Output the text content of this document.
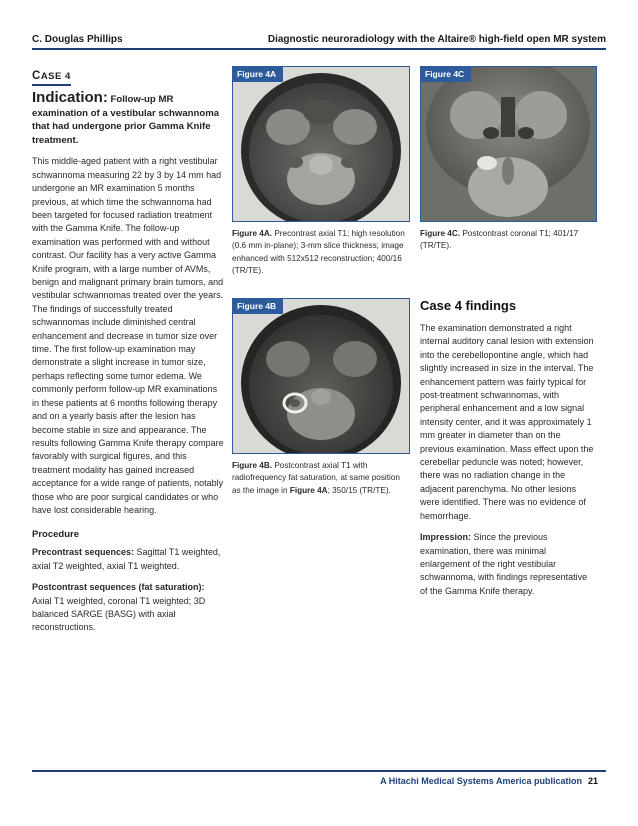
C. Douglas Phillips	Diagnostic neuroradiology with the Altaire® high-field open MR system
CASE 4
Indication: Follow-up MR examination of a vestibular schwannoma that had undergone prior Gamma Knife treatment.

This middle-aged patient with a right vestibular schwannoma measuring 22 by 3 by 14 mm had undergone an MR examination 5 months previous, at which time the schwannoma had been targeted for focused radiation treatment with the Gamma Knife. The follow-up examination was performed with and without contrast. Our facility has a very active Gamma Knife program, with a large number of AVMs, benign and malignant primary brain tumors, and vestibular schwannomas treated over the years. The findings of successfully treated schwannomas include diminished central enhancement and decrease in tumor size over time. The first follow-up examination may demonstrate a slight increase in tumor size, perhaps reflecting some tumor edema. We commonly perform follow-up MR examinations in these patients at 6 months following therapy and on a yearly basis after the lesion has become stable in size and appearance. The results following Gamma Knife therapy compare favorably with surgical figures, and this treatment modality has gained increased acceptance for a wide range of patients, notably those who are poor surgical candidates or who have lost considerable hearing.

Procedure

Precontrast sequences: Sagittal T1 weighted, axial T2 weighted, axial T1 weighted.

Postcontrast sequences (fat saturation):
Axial T1 weighted, coronal T1 weighted; 3D balanced SARGE (BASG) with axial reconstructions.

Figure 4A
Figure 4A. Precontrast axial T1; high resolution (0.6 mm in-plane); 3-mm slice thickness; image enhanced with 512x512 reconstruction; 400/16 (TR/TE).
Figure 4C
Figure 4C. Postcontrast coronal T1; 401/17 (TR/TE).
Figure 4B
Figure 4B. Postcontrast axial T1 with radiofrequency fat saturation, at same position as the image in Figure 4A; 350/15 (TR/TE).
Case 4 findings

The examination demonstrated a right internal auditory canal lesion with extension into the cerebellopontine angle, which had slightly increased in size in the interval. The enhancement pattern was fairly typical for post-treatment schwannomas, with peripheral enhancement and a low signal intensity center, and it was approximately 1 mm greater in diameter than on the previous examination. Mass effect upon the cerebellar peduncle was noted; however, there was no radiation change in the adjacent parenchyma. No other lesions were identified. There was no evidence of hemorrhage.

Impression: Since the previous examination, there was minimal enlargement of the right vestibular schwannoma, with findings representative of the Gamma Knife therapy.

A Hitachi Medical Systems America publication 21
